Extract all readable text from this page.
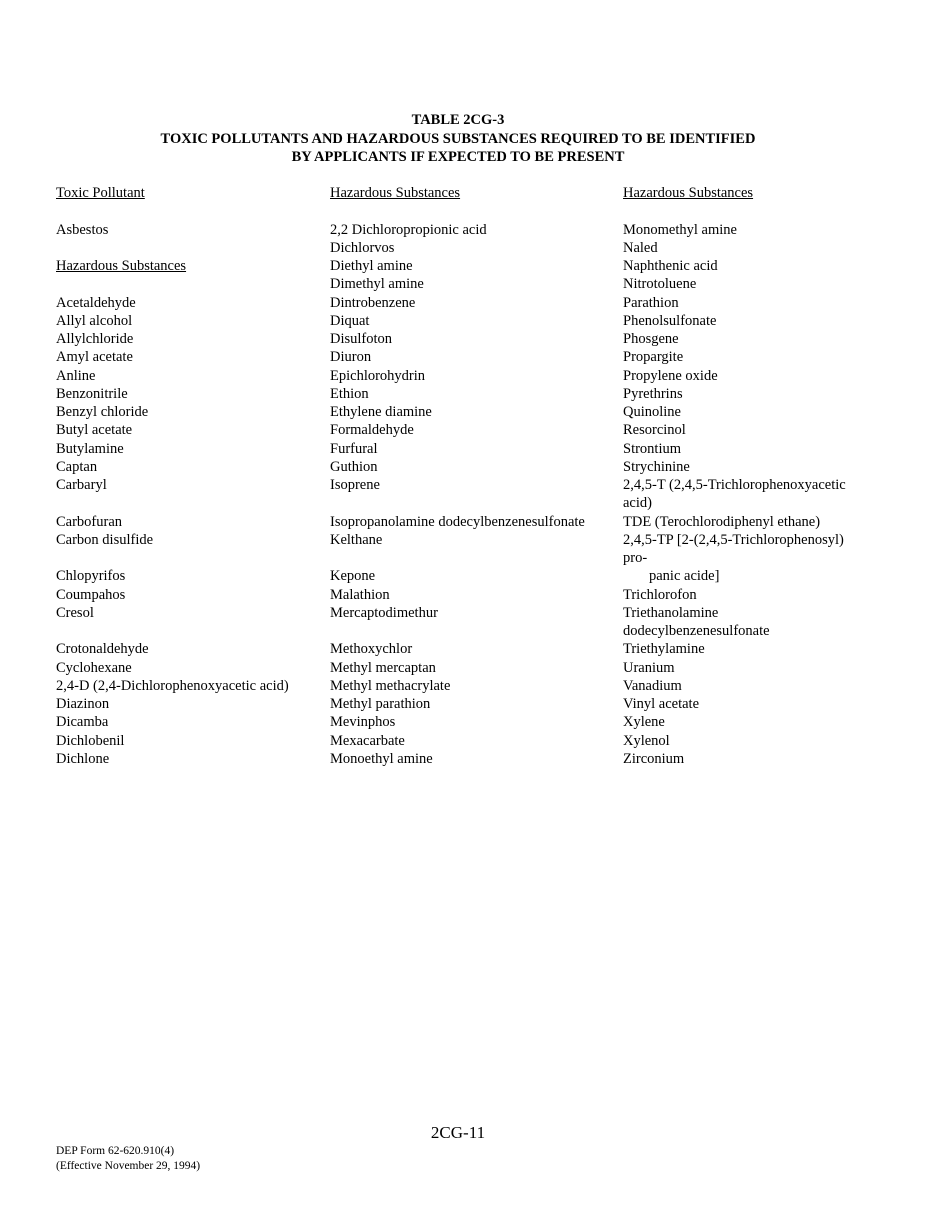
TABLE 2CG-3
TOXIC POLLUTANTS AND HAZARDOUS SUBSTANCES REQUIRED TO BE IDENTIFIED
BY APPLICANTS IF EXPECTED TO BE PRESENT
Toxic Pollutant
Asbestos
Hazardous Substances
Acetaldehyde
Allyl alcohol
Allylchloride
Amyl acetate
Anline
Benzonitrile
Benzyl chloride
Butyl acetate
Butylamine
Captan
Carbaryl
Carbofuran
Carbon disulfide
Chlopyrifos
Coumpahos
Cresol
Crotonaldehyde
Cyclohexane
2,4-D (2,4-Dichlorophenoxyacetic acid)
Diazinon
Dicamba
Dichlobenil
Dichlone
Hazardous Substances
2,2 Dichloropropionic acid
Dichlorvos
Diethyl amine
Dimethyl amine
Dintrobenzene
Diquat
Disulfoton
Diuron
Epichlorohydrin
Ethion
Ethylene diamine
Formaldehyde
Furfural
Guthion
Isoprene
Isopropanolamine dodecylbenzenesulfonate
Kelthane
Kepone
Malathion
Mercaptodimethur
Methoxychlor
Methyl mercaptan
Methyl methacrylate
Methyl parathion
Mevinphos
Mexacarbate
Monoethyl amine
Hazardous Substances
Monomethyl amine
Naled
Naphthenic acid
Nitrotoluene
Parathion
Phenolsulfonate
Phosgene
Propargite
Propylene oxide
Pyrethrins
Quinoline
Resorcinol
Strontium
Strychinine
2,4,5-T (2,4,5-Trichlorophenoxyacetic acid)
TDE (Terochlorodiphenyl ethane)
2,4,5-TP [2-(2,4,5-Trichlorophenosyl) pro-
panic acide]
Trichlorofon
Triethanolamine dodecylbenzenesulfonate
Triethylamine
Uranium
Vanadium
Vinyl acetate
Xylene
Xylenol
Zirconium
2CG-11
DEP Form 62-620.910(4)
(Effective November 29, 1994)
